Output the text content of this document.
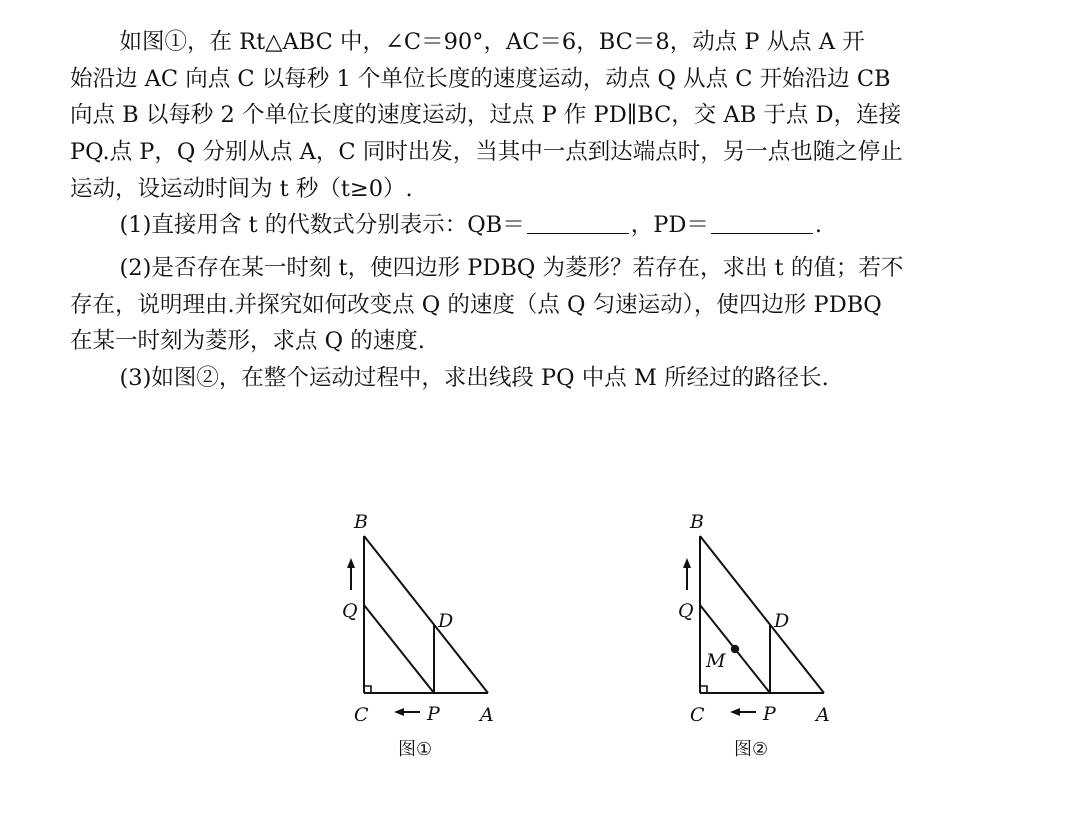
如图①，在 Rt△ABC 中，∠C＝90°，AC＝6，BC＝8，动点 P 从点 A 开

始沿边 AC 向点 C 以每秒 1 个单位长度的速度运动，动点 Q 从点 C 开始沿边 CB

向点 B 以每秒 2 个单位长度的速度运动，过点 P 作 PD∥BC，交 AB 于点 D，连接

PQ.点 P，Q 分别从点 A，C 同时出发，当其中一点到达端点时，另一点也随之停止

运动，设运动时间为 t 秒（t≥0）.

(1)直接用含 t 的代数式分别表示：QB＝	，PD＝	.

(2)是否存在某一时刻 t，使四边形 PDBQ 为菱形？若存在，求出 t 的值；若不

存在，说明理由.并探究如何改变点 Q 的速度（点 Q 匀速运动），使四边形 PDBQ

在某一时刻为菱形，求点 Q 的速度.

(3)如图②，在整个运动过程中，求出线段 PQ 中点 M 所经过的路径长.

B
Q	D
C	P A
图①
B
Q	D
M
C	P A
图②
